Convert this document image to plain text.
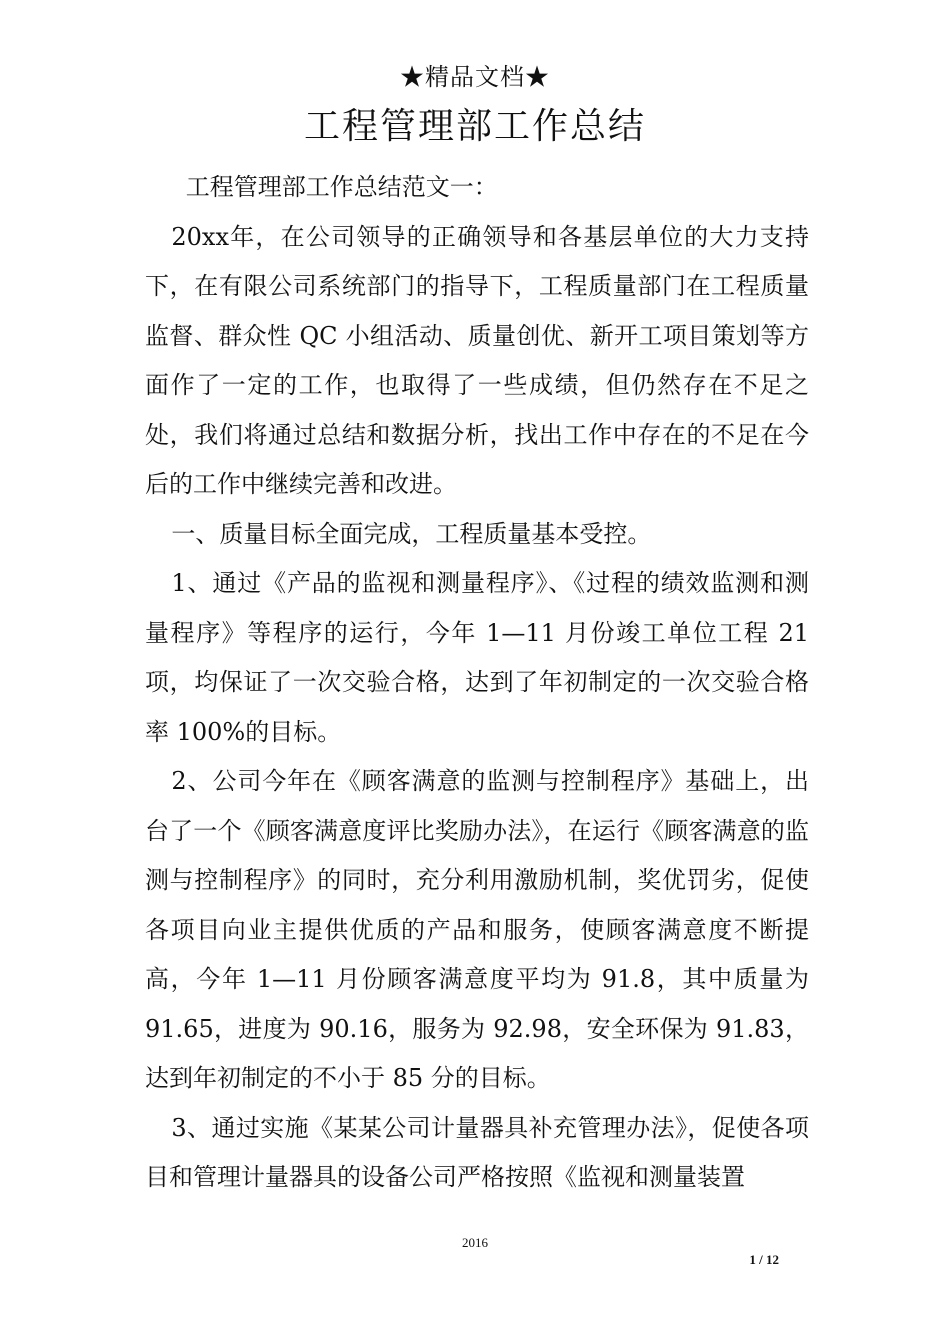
★精品文档★
工程管理部工作总结

工程管理部工作总结范文一：

20xx年，在公司领导的正确领导和各基层单位的大力支持下，在有限公司系统部门的指导下，工程质量部门在工程质量监督、群众性 QC 小组活动、质量创优、新开工项目策划等方面作了一定的工作，也取得了一些成绩，但仍然存在不足之处，我们将通过总结和数据分析，找出工作中存在的不足在今后的工作中继续完善和改进。

一、质量目标全面完成，工程质量基本受控。

1、通过《产品的监视和测量程序》、《过程的绩效监测和测量程序》等程序的运行，今年 1—11 月份竣工单位工程 21 项，均保证了一次交验合格，达到了年初制定的一次交验合格率 100%的目标。

2、公司今年在《顾客满意的监测与控制程序》基础上，出台了一个《顾客满意度评比奖励办法》，在运行《顾客满意的监测与控制程序》的同时，充分利用激励机制，奖优罚劣，促使各项目向业主提供优质的产品和服务，使顾客满意度不断提高，今年 1—11 月份顾客满意度平均为 91.8，其中质量为 91.65，进度为 90.16，服务为 92.98，安全环保为 91.83，达到年初制定的不小于 85 分的目标。

3、通过实施《某某公司计量器具补充管理办法》，促使各项目和管理计量器具的设备公司严格按照《监视和测量装置

2016
1 / 12
